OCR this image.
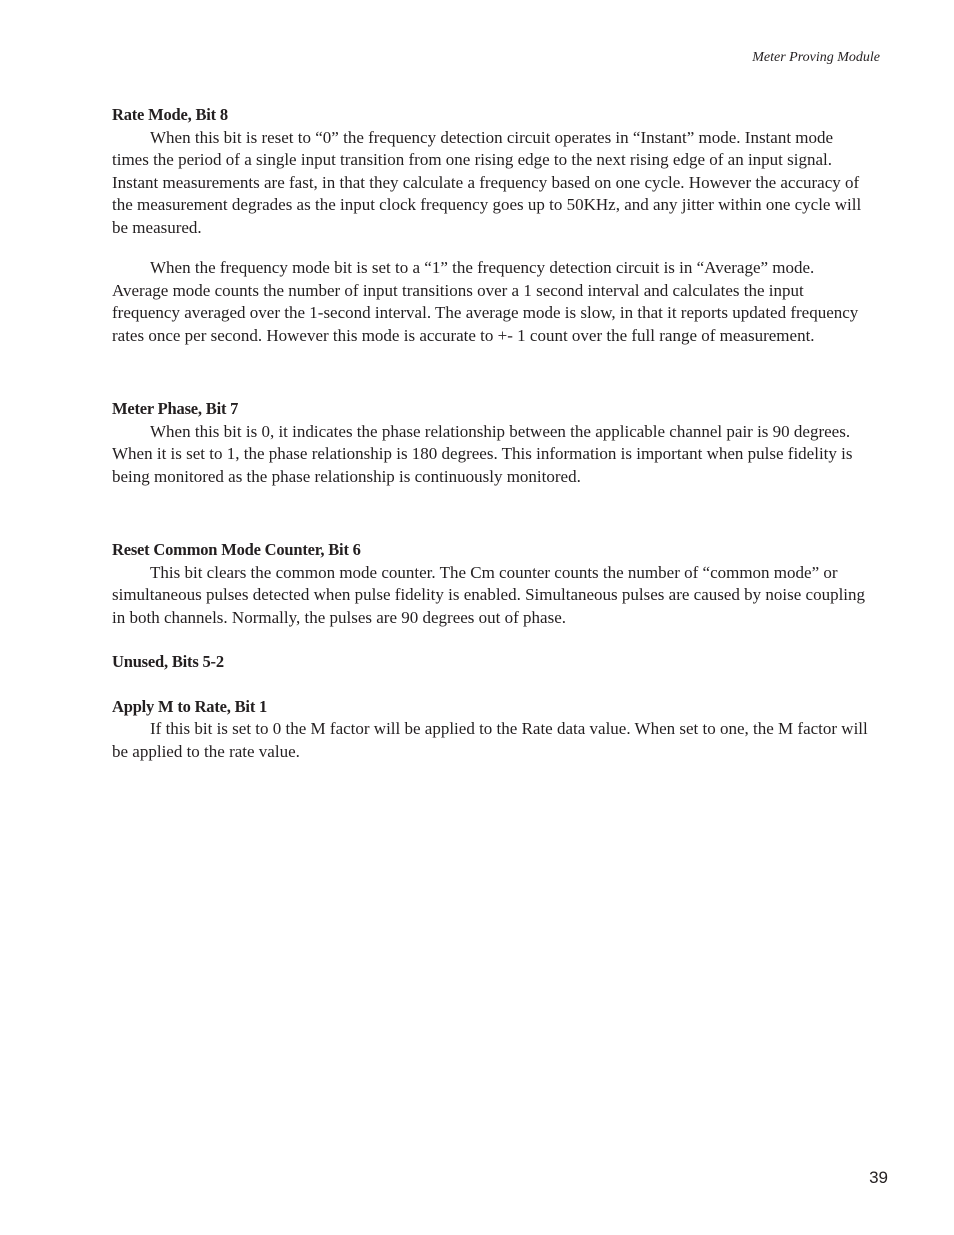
Meter Proving Module

Rate Mode, Bit 8

When this bit is reset to “0” the frequency detection circuit operates in “Instant” mode. Instant mode times the period of a single input transition from one rising edge to the next rising edge of an input signal. Instant measurements are fast, in that they calculate a frequency based on one cycle. However the accuracy of the measurement degrades as the input clock frequency goes up to 50KHz, and any jitter within one cycle will be measured.

When the frequency mode bit is set to a “1” the frequency detection circuit is in “Average” mode. Average mode counts the number of input transitions over a 1 second interval and calculates the input frequency averaged over the 1-second interval. The average mode is slow, in that it reports updated frequency rates once per second. However this mode is accurate to +- 1 count over the full range of measurement.

Meter Phase, Bit 7

When this bit is 0, it indicates the phase relationship between the applicable channel pair is 90 degrees. When it is set to 1, the phase relationship is 180 degrees. This information is important when pulse fidelity is being monitored as the phase relationship is continuously monitored.

Reset Common Mode Counter, Bit 6

This bit clears the common mode counter. The Cm counter counts the number of “common mode” or simultaneous pulses detected when pulse fidelity is enabled. Simultaneous pulses are caused by noise coupling in both channels. Normally, the pulses are 90 degrees out of phase.

Unused, Bits 5-2

Apply M to Rate, Bit 1

If this bit is set to 0 the M factor will be applied to the Rate data value. When set to one, the M factor will be applied to the rate value.

39
